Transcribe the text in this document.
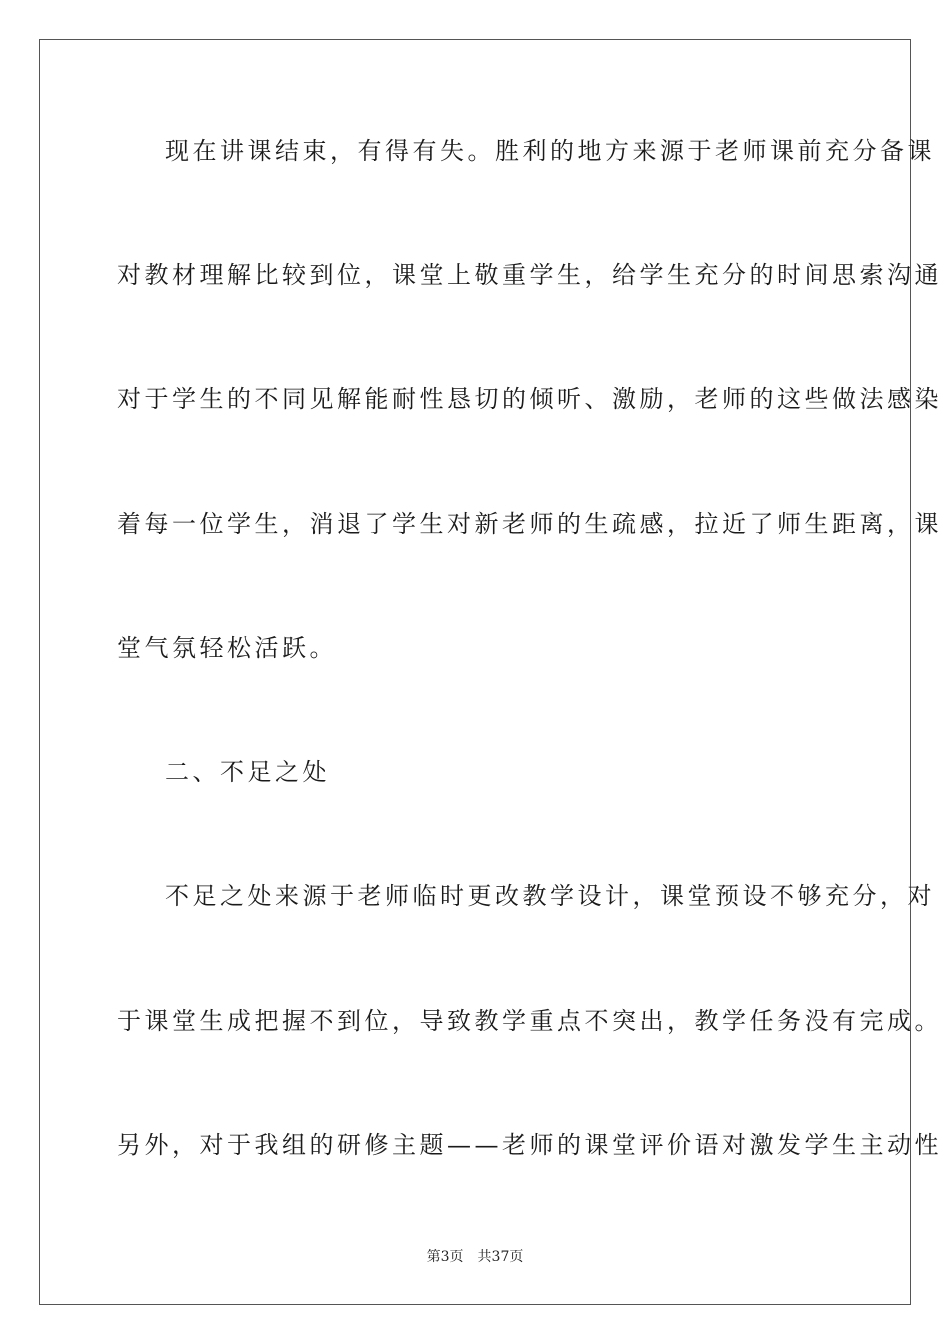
现在讲课结束，有得有失。胜利的地方来源于老师课前充分备课
对教材理解比较到位，课堂上敬重学生，给学生充分的时间思索沟通
对于学生的不同见解能耐性恳切的倾听、激励，老师的这些做法感染
着每一位学生，消退了学生对新老师的生疏感，拉近了师生距离，课
堂气氛轻松活跃。
二、不足之处
不足之处来源于老师临时更改教学设计，课堂预设不够充分，对
于课堂生成把握不到位，导致教学重点不突出，教学任务没有完成。
另外，对于我组的研修主题——老师的课堂评价语对激发学生主动性
第3页 共37页
